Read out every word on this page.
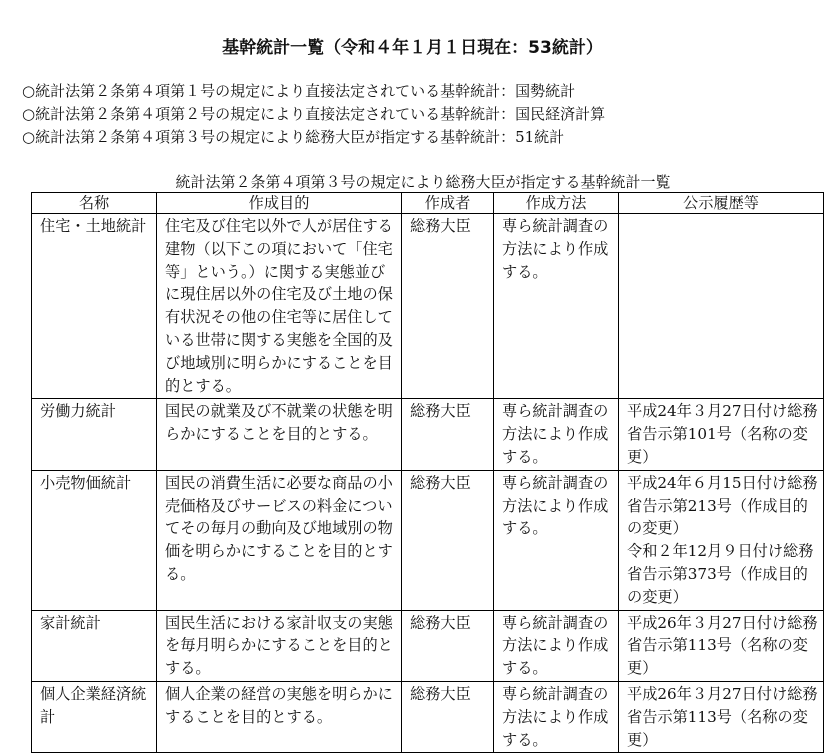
基幹統計一覧（令和４年１月１日現在：53統計）
○統計法第２条第４項第１号の規定により直接法定されている基幹統計：国勢統計
○統計法第２条第４項第２号の規定により直接法定されている基幹統計：国民経済計算
○統計法第２条第４項第３号の規定により総務大臣が指定する基幹統計：51統計
統計法第２条第４項第３号の規定により総務大臣が指定する基幹統計一覧
名称	作成目的	作成者	作成方法	公示履歴等
住宅・土地統計	住宅及び住宅以外で人が居住する建物（以下この項において「住宅等」という。）に関する実態並びに現住居以外の住宅及び土地の保有状況その他の住宅等に居住している世帯に関する実態を全国的及び地域別に明らかにすることを目的とする。	総務大臣	専ら統計調査の方法により作成する。	
労働力統計	国民の就業及び不就業の状態を明らかにすることを目的とする。	総務大臣	専ら統計調査の方法により作成する。	平成24年３月27日付け総務省告示第101号（名称の変更）
小売物価統計	国民の消費生活に必要な商品の小売価格及びサービスの料金についてその毎月の動向及び地域別の物価を明らかにすることを目的とする。	総務大臣	専ら統計調査の方法により作成する。	平成24年６月15日付け総務省告示第213号（作成目的の変更）
令和２年12月９日付け総務省告示第373号（作成目的の変更）

家計統計	国民生活における家計収支の実態を毎月明らかにすることを目的とする。	総務大臣	専ら統計調査の方法により作成する。	平成26年３月27日付け総務省告示第113号（名称の変更）
個人企業経済統計	個人企業の経営の実態を明らかにすることを目的とする。	総務大臣	専ら統計調査の方法により作成する。	平成26年３月27日付け総務省告示第113号（名称の変更）
